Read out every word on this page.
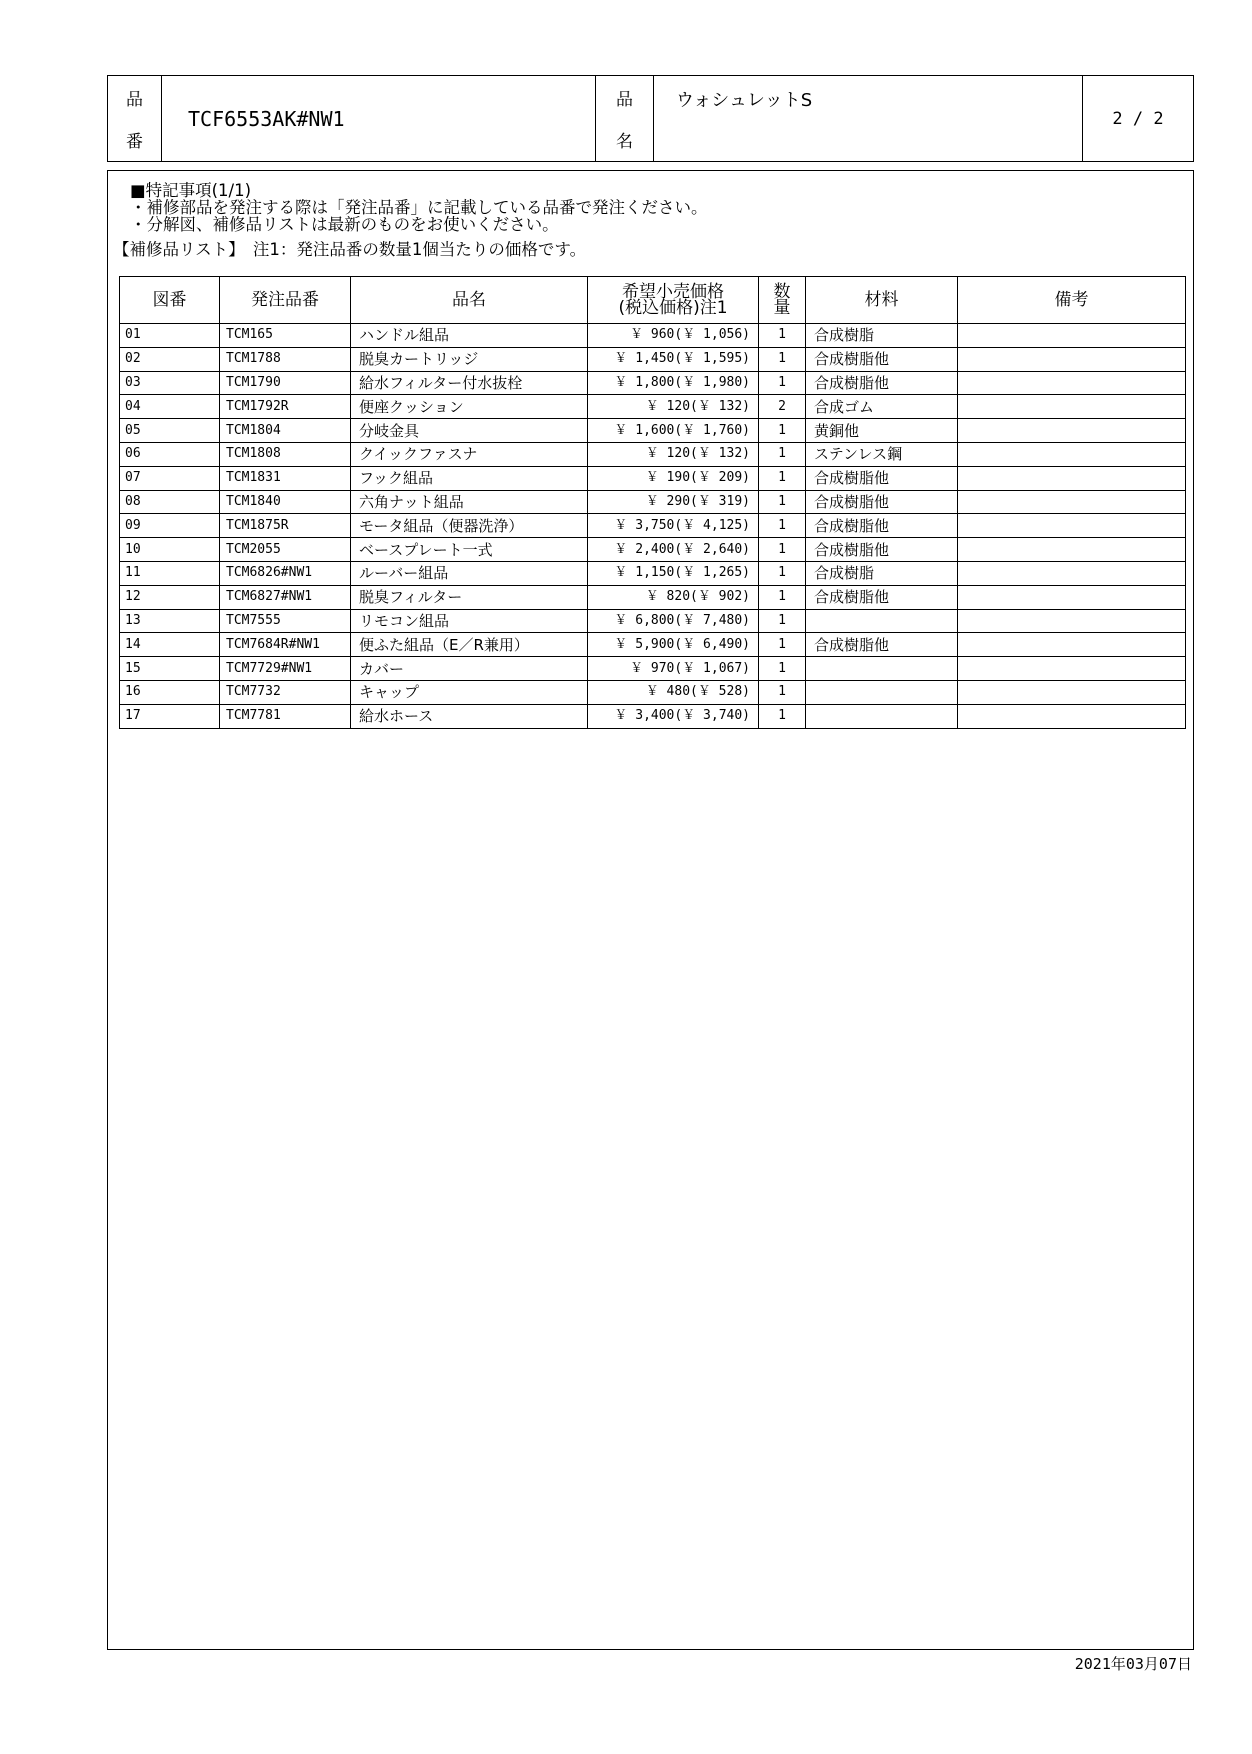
品
番
TCF6553AK#NW1
品
名
ウォシュレットS
2 / 2
■特記事項(1/1)
・補修部品を発注する際は「発注品番」に記載している品番で発注ください。
・分解図、補修品リストは最新のものをお使いください。
【補修品リスト】　注1：発注品番の数量1個当たりの価格です。
図番	発注品番	品名	希望小売価格
(税込価格)注1	数
量	材料	備考
01	TCM165	ハンドル組品	￥ 960(￥ 1,056)	1	合成樹脂	
02	TCM1788	脱臭カートリッジ	￥ 1,450(￥ 1,595)	1	合成樹脂他	
03	TCM1790	給水フィルター付水抜栓	￥ 1,800(￥ 1,980)	1	合成樹脂他	
04	TCM1792R	便座クッション	￥ 120(￥ 132)	2	合成ゴム	
05	TCM1804	分岐金具	￥ 1,600(￥ 1,760)	1	黄銅他	
06	TCM1808	クイックファスナ	￥ 120(￥ 132)	1	ステンレス鋼	
07	TCM1831	フック組品	￥ 190(￥ 209)	1	合成樹脂他	
08	TCM1840	六角ナット組品	￥ 290(￥ 319)	1	合成樹脂他	
09	TCM1875R	モータ組品（便器洗浄）	￥ 3,750(￥ 4,125)	1	合成樹脂他	
10	TCM2055	ベースプレート一式	￥ 2,400(￥ 2,640)	1	合成樹脂他	
11	TCM6826#NW1	ルーバー組品	￥ 1,150(￥ 1,265)	1	合成樹脂	
12	TCM6827#NW1	脱臭フィルター	￥ 820(￥ 902)	1	合成樹脂他	
13	TCM7555	リモコン組品	￥ 6,800(￥ 7,480)	1		
14	TCM7684R#NW1	便ふた組品（E／R兼用）	￥ 5,900(￥ 6,490)	1	合成樹脂他	
15	TCM7729#NW1	カバー	￥ 970(￥ 1,067)	1		
16	TCM7732	キャップ	￥ 480(￥ 528)	1		
17	TCM7781	給水ホース	￥ 3,400(￥ 3,740)	1		
2021年03月07日
